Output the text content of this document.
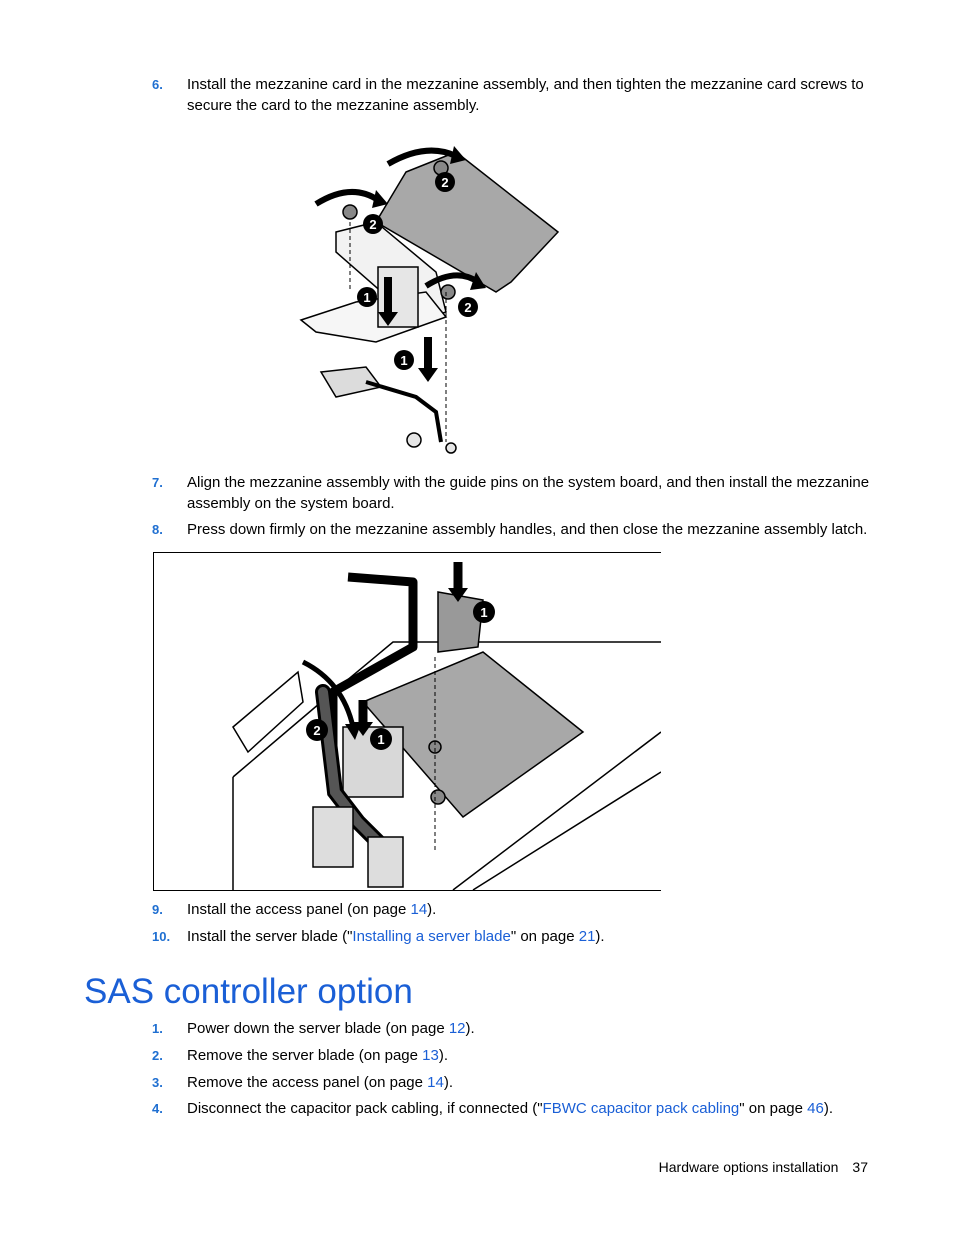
6. Install the mezzanine card in the mezzanine assembly, and then tighten the mezzanine card screws to secure the card to the mezzanine assembly.
2
2
2
1
1
7. Align the mezzanine assembly with the guide pins on the system board, and then install the mezzanine assembly on the system board.
8. Press down firmly on the mezzanine assembly handles, and then close the mezzanine assembly latch.
1
1
2
9. Install the access panel (on page 14).
10. Install the server blade ("Installing a server blade" on page 21).
SAS controller option
1. Power down the server blade (on page 12).
2. Remove the server blade (on page 13).
3. Remove the access panel (on page 14).
4. Disconnect the capacitor pack cabling, if connected ("FBWC capacitor pack cabling" on page 46).
Hardware options installation 37
